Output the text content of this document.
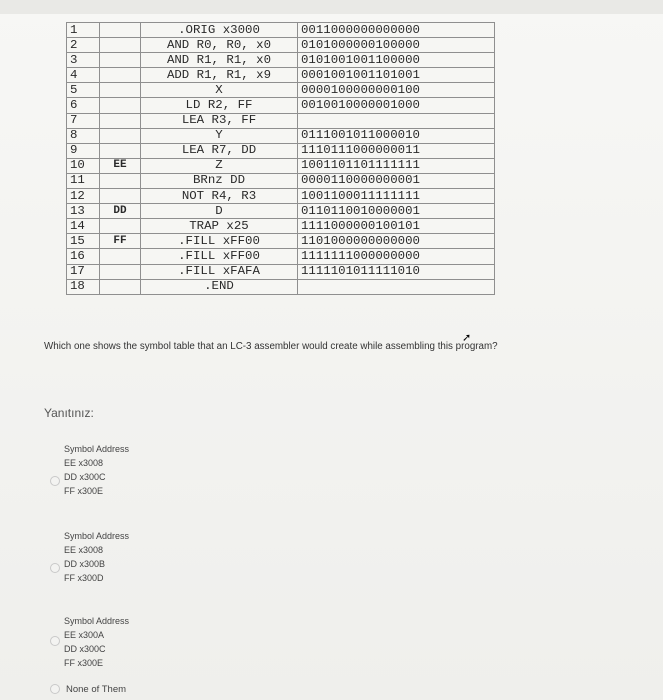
1		.ORIG x3000	0011000000000000
2		AND R0, R0, x0	0101000000100000
3		AND R1, R1, x0	0101001001100000
4		ADD R1, R1, x9	0001001001101001
5		X	0000100000000100
6		LD R2, FF	0010010000001000
7		LEA R3, FF	
8		Y	0111001011000010
9		LEA R7, DD	1110111000000011
10	EE	Z	1001101101111111
11		BRnz DD	0000110000000001
12		NOT R4, R3	1001100011111111
13	DD	D	0110110010000001
14		TRAP x25	1111000000100101
15	FF	.FILL xFF00	1101000000000000
16		.FILL xFF00	1111111000000000
17		.FILL xFAFA	1111101011111010
18		.END	
➚
Which one shows the symbol table that an LC-3 assembler would create while assembling this program?
Yanıtınız:
Symbol Address
EE x3008
DD x300C
FF x300E
Symbol Address
EE x3008
DD x300B
FF x300D
Symbol Address
EE x300A
DD x300C
FF x300E
None of Them
